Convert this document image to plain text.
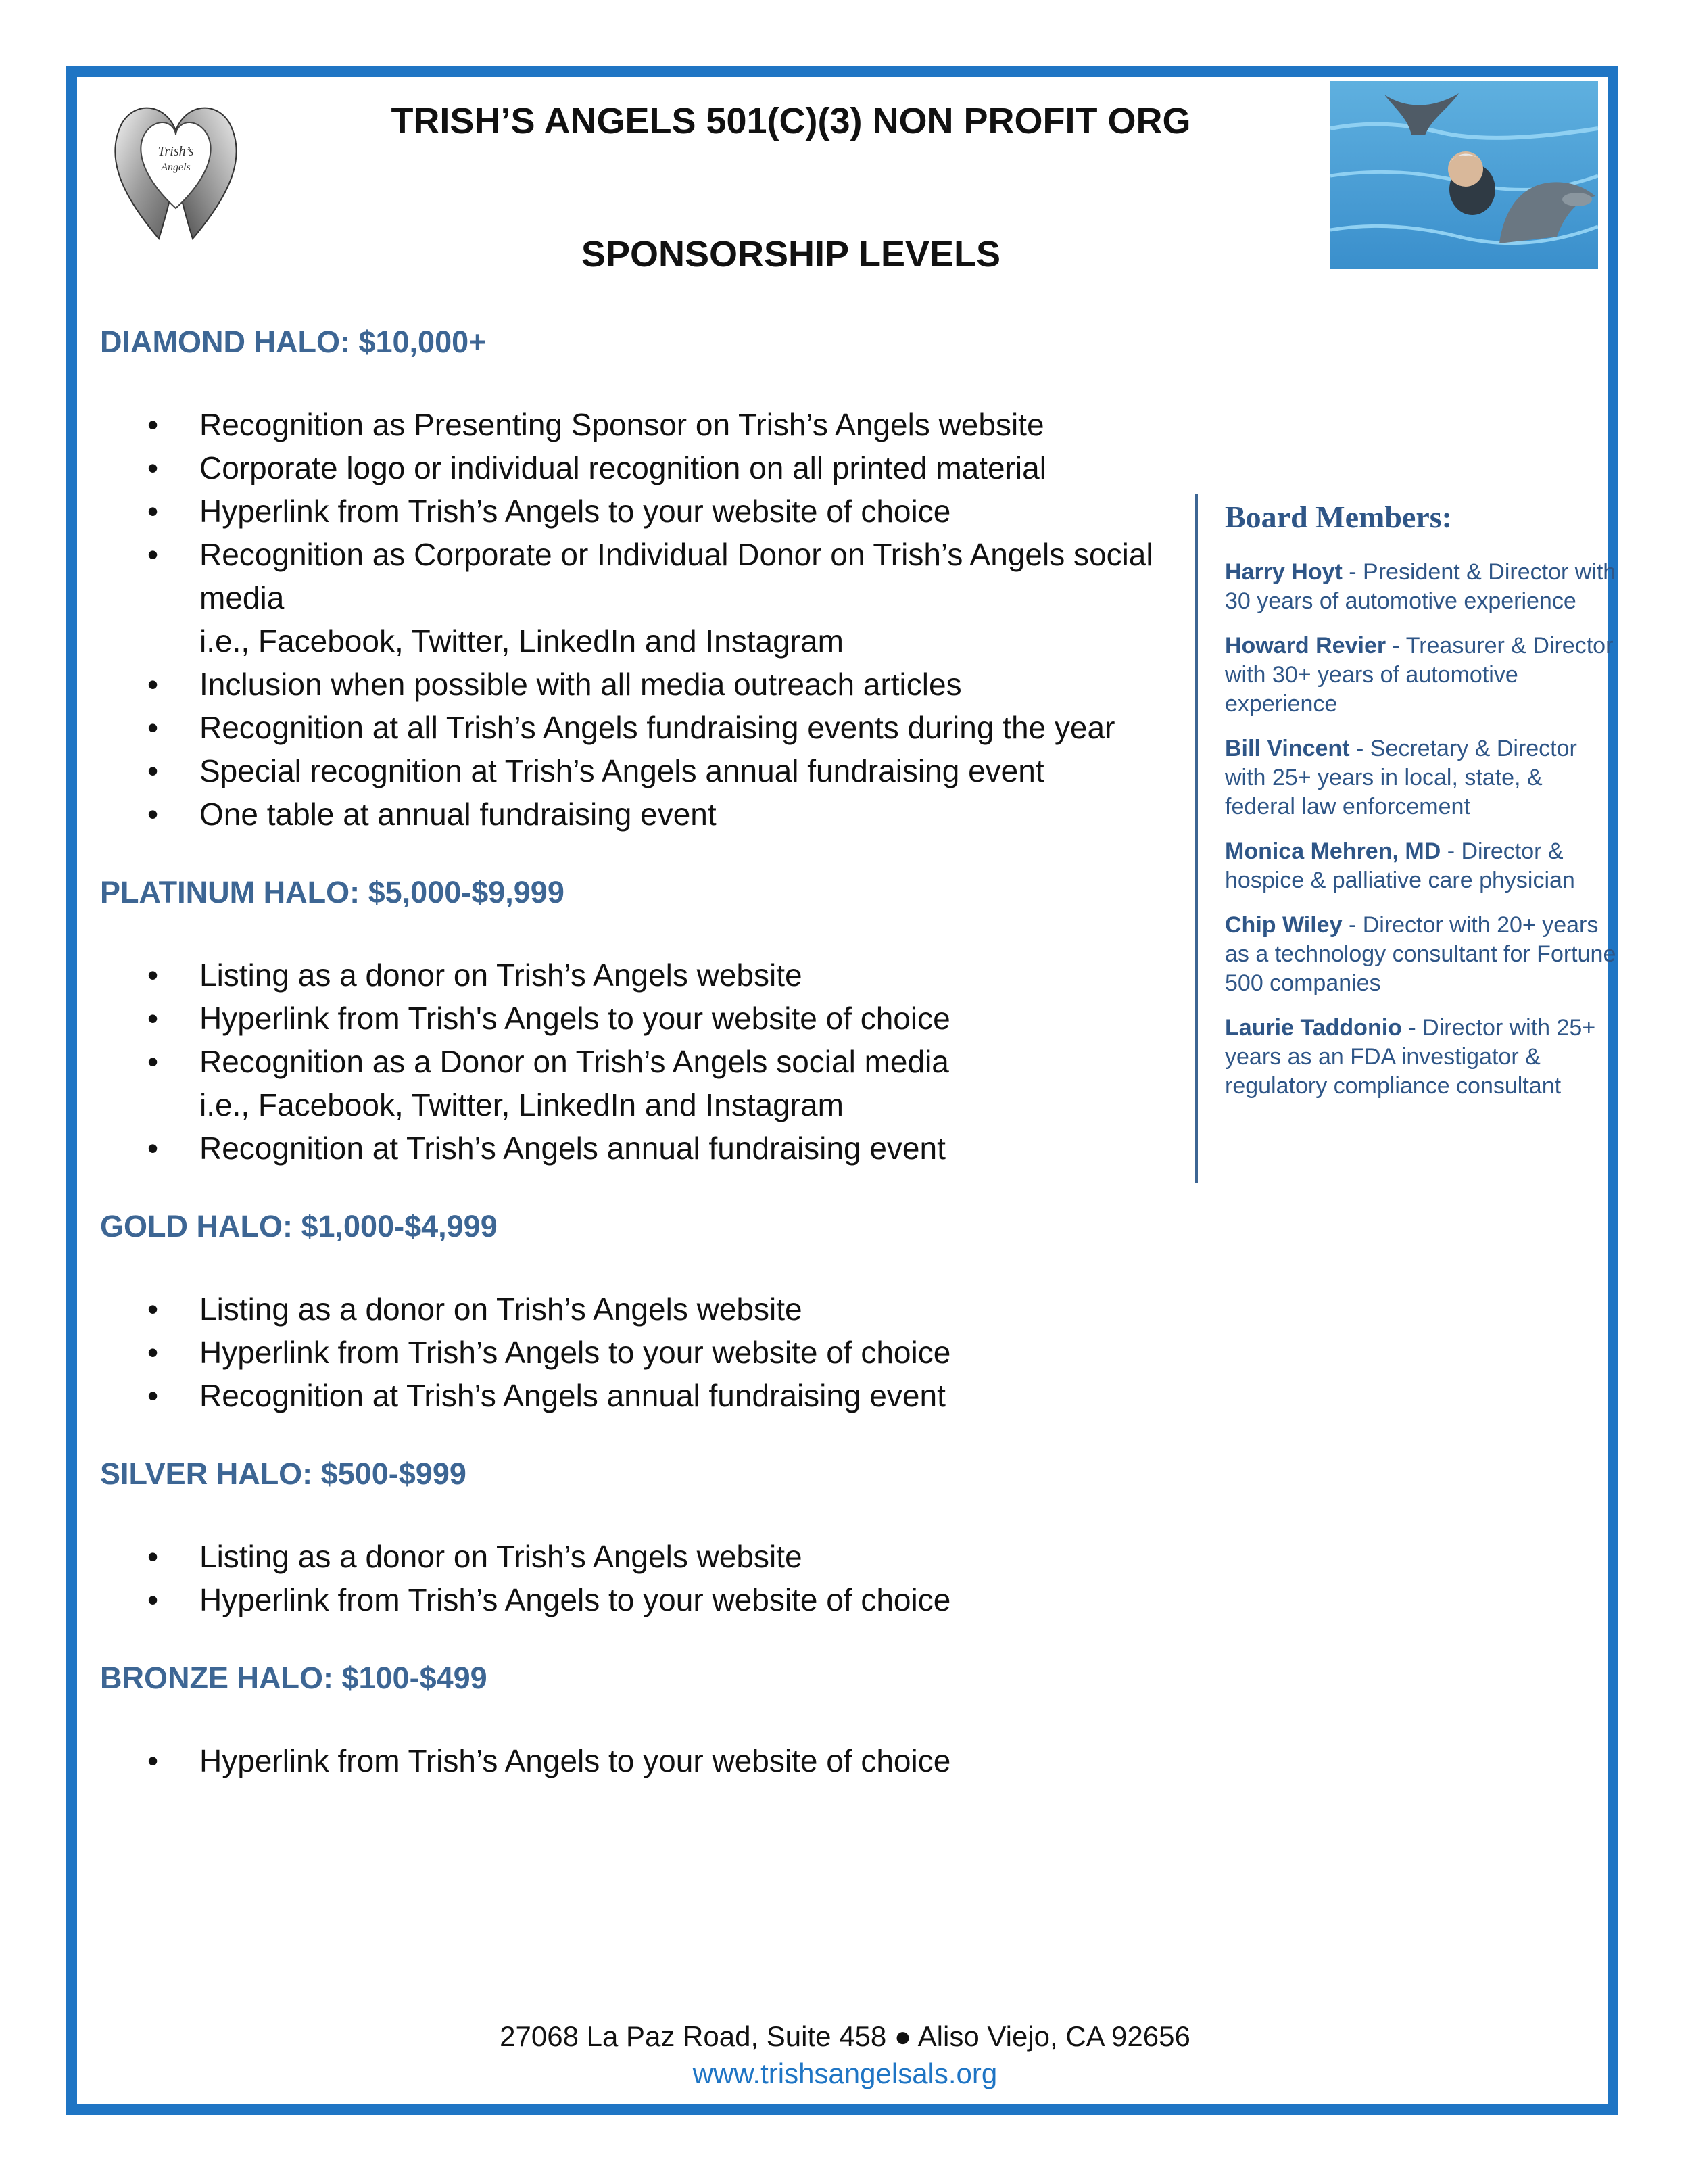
Trish’s
Angels
TRISH’S ANGELS 501(C)(3) NON PROFIT ORG
SPONSORSHIP LEVELS
DIAMOND HALO: $10,000+
• Recognition as Presenting Sponsor on Trish’s Angels website
• Corporate logo or individual recognition on all printed material
• Hyperlink from Trish’s Angels to your website of choice
• Recognition as Corporate or Individual Donor on Trish’s Angels social media
i.e., Facebook, Twitter, LinkedIn and Instagram
• Inclusion when possible with all media outreach articles
• Recognition at all Trish’s Angels fundraising events during the year
• Special recognition at Trish’s Angels annual fundraising event
• One table at annual fundraising event
PLATINUM HALO: $5,000-$9,999
• Listing as a donor on Trish’s Angels website
• Hyperlink from Trish's Angels to your website of choice
• Recognition as a Donor on Trish’s Angels social media
i.e., Facebook, Twitter, LinkedIn and Instagram
• Recognition at Trish’s Angels annual fundraising event
GOLD HALO: $1,000-$4,999
• Listing as a donor on Trish’s Angels website
• Hyperlink from Trish’s Angels to your website of choice
• Recognition at Trish’s Angels annual fundraising event
SILVER HALO: $500-$999
• Listing as a donor on Trish’s Angels website
• Hyperlink from Trish’s Angels to your website of choice
BRONZE HALO: $100-$499
• Hyperlink from Trish’s Angels to your website of choice
Board Members:
Harry Hoyt - President & Director with 30 years of automotive experience
Howard Revier - Treasurer & Director with 30+ years of automotive experience
Bill Vincent - Secretary & Director with 25+ years in local, state, & federal law enforcement
Monica Mehren, MD - Director & hospice & palliative care physician
Chip Wiley - Director with 20+ years as a technology consultant for Fortune 500 companies
Laurie Taddonio - Director with 25+ years as an FDA investigator & regulatory compliance consultant
27068 La Paz Road, Suite 458 ● Aliso Viejo, CA 92656
www.trishsangelsals.org
